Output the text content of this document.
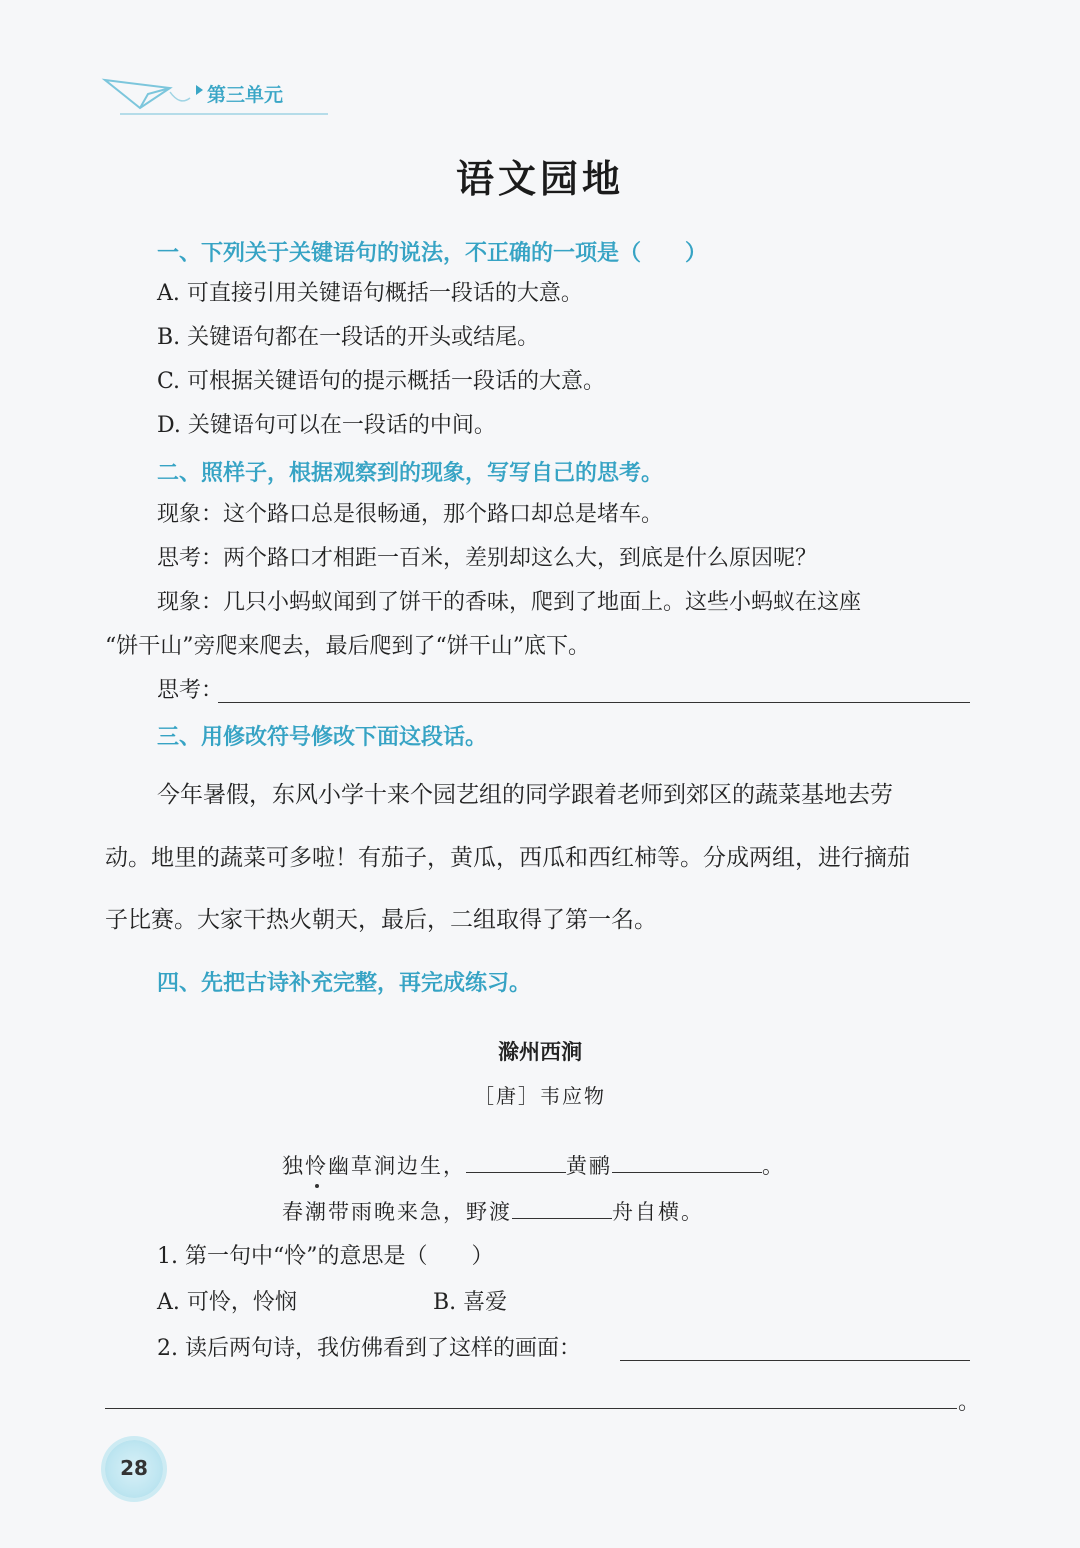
第三单元
语文园地
一、下列关于关键语句的说法，不正确的一项是（　　）
A. 可直接引用关键语句概括一段话的大意。
B. 关键语句都在一段话的开头或结尾。
C. 可根据关键语句的提示概括一段话的大意。
D. 关键语句可以在一段话的中间。
二、照样子，根据观察到的现象，写写自己的思考。
现象：这个路口总是很畅通，那个路口却总是堵车。
思考：两个路口才相距一百米，差别却这么大，到底是什么原因呢？
现象：几只小蚂蚁闻到了饼干的香味，爬到了地面上。这些小蚂蚁在这座
“饼干山”旁爬来爬去，最后爬到了“饼干山”底下。
思考：
三、用修改符号修改下面这段话。
今年暑假，东风小学十来个园艺组的同学跟着老师到郊区的蔬菜基地去劳
动。地里的蔬菜可多啦！有茄子，黄瓜，西瓜和西红柿等。分成两组，进行摘茄
子比赛。大家干热火朝天，最后，二组取得了第一名。
四、先把古诗补充完整，再完成练习。
滁州西涧
［唐］韦应物
独怜幽草涧边生，	黄鹂	。
春潮带雨晚来急，野渡	舟自横。
1. 第一句中“怜”的意思是（　　）
A. 可怜，怜悯	B. 喜爱
2. 读后两句诗，我仿佛看到了这样的画面：
。
28
